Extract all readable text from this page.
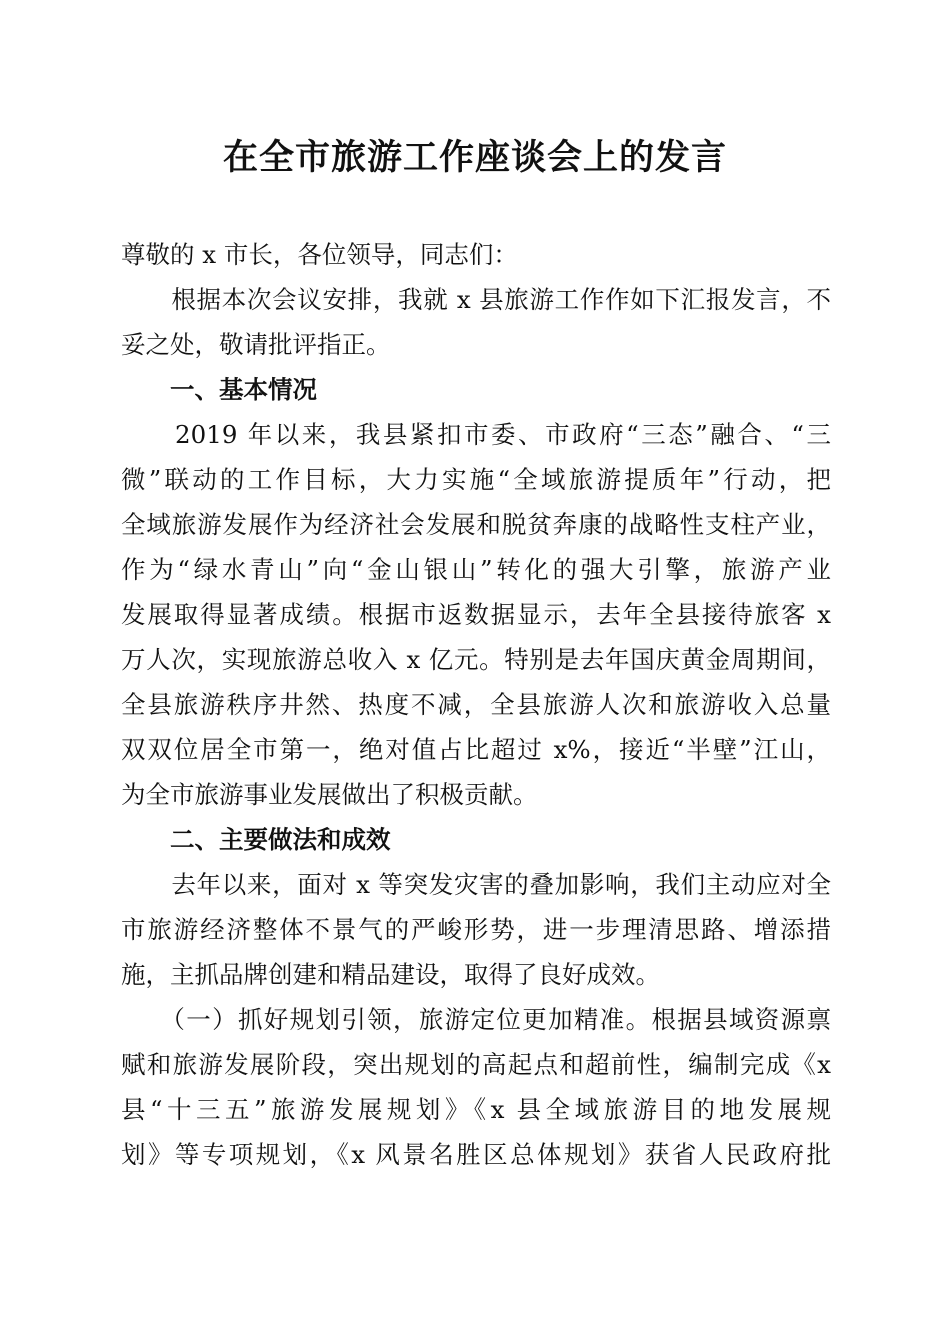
在全市旅游工作座谈会上的发言
尊敬的 x 市长，各位领导，同志们：
　　根据本次会议安排，我就 x 县旅游工作作如下汇报发言，不
妥之处，敬请批评指正。
　　一、基本情况
　　2019 年以来，我县紧扣市委、市政府“三态”融合、“三
微”联动的工作目标，大力实施“全域旅游提质年”行动，把
全域旅游发展作为经济社会发展和脱贫奔康的战略性支柱产业，
作为“绿水青山”向“金山银山”转化的强大引擎，旅游产业
发展取得显著成绩。根据市返数据显示，去年全县接待旅客 x
万人次，实现旅游总收入 x 亿元。特别是去年国庆黄金周期间，
全县旅游秩序井然、热度不减，全县旅游人次和旅游收入总量
双双位居全市第一，绝对值占比超过 x%，接近“半壁”江山，
为全市旅游事业发展做出了积极贡献。
　　二、主要做法和成效
　　去年以来，面对 x 等突发灾害的叠加影响，我们主动应对全
市旅游经济整体不景气的严峻形势，进一步理清思路、增添措
施，主抓品牌创建和精品建设，取得了良好成效。
　　（一）抓好规划引领，旅游定位更加精准。根据县域资源禀
赋和旅游发展阶段，突出规划的高起点和超前性，编制完成《x
县“十三五”旅游发展规划》《x 县全域旅游目的地发展规
划》等专项规划，《x 风景名胜区总体规划》获省人民政府批
